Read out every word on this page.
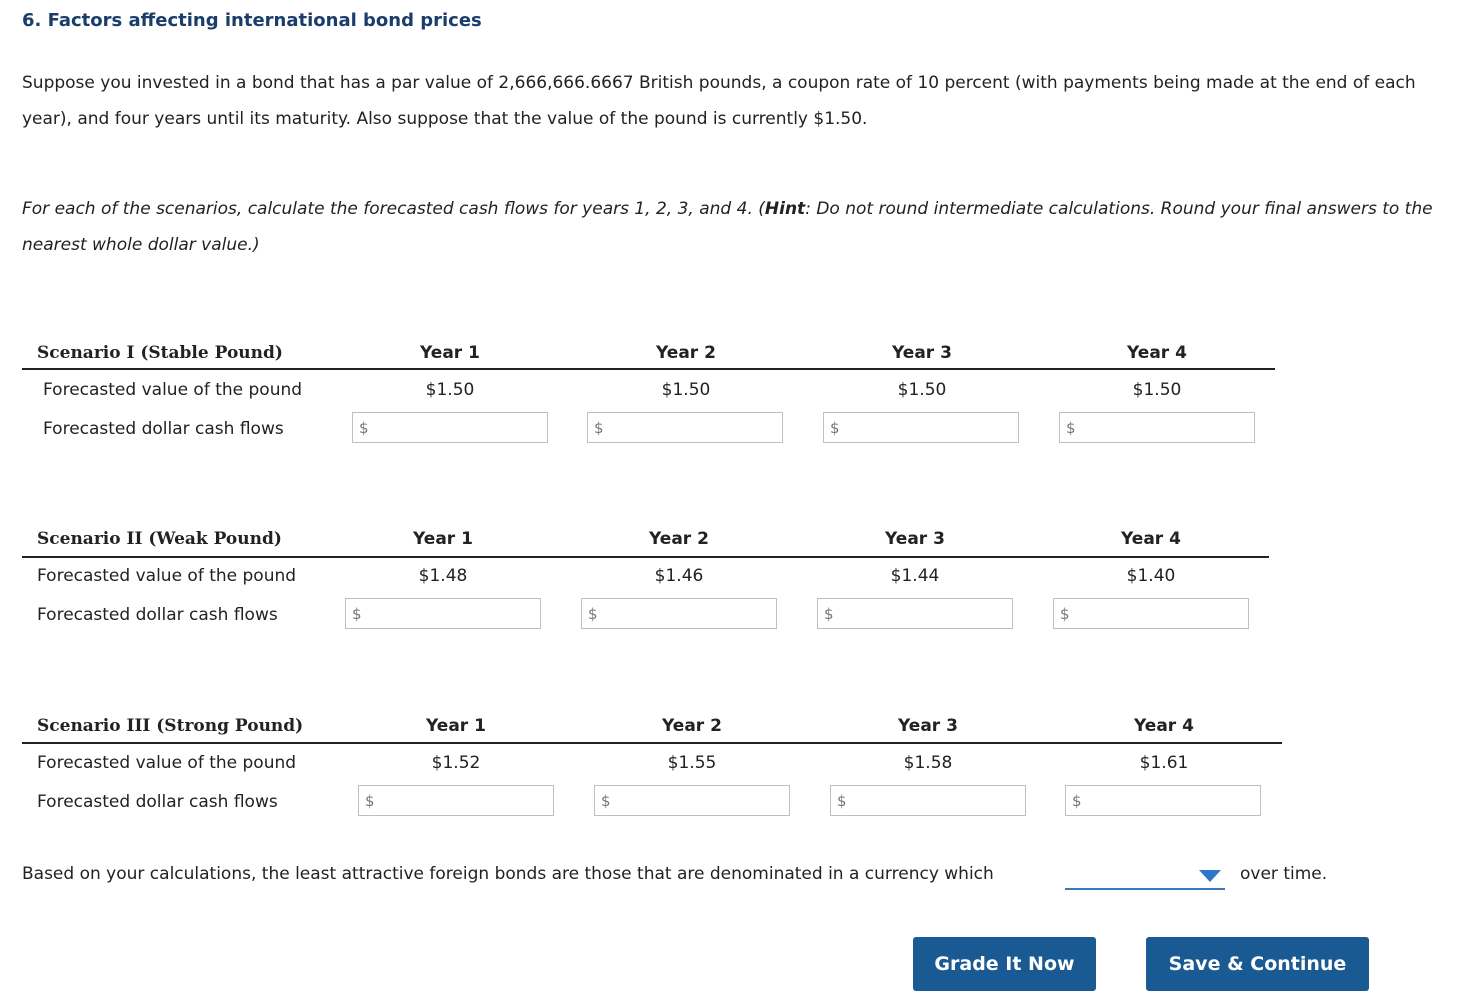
6. Factors affecting international bond prices
Suppose you invested in a bond that has a par value of 2,666,666.6667 British pounds, a coupon rate of 10 percent (with payments being made at the end of each year), and four years until its maturity. Also suppose that the value of the pound is currently $1.50.
For each of the scenarios, calculate the forecasted cash flows for years 1, 2, 3, and 4. (Hint: Do not round intermediate calculations. Round your final answers to the nearest whole dollar value.)
Scenario I (Stable Pound)	Year 1	Year 2	Year 3	Year 4
Forecasted value of the pound	$1.50	$1.50	$1.50	$1.50
Forecasted dollar cash flows	$	$	$	$
Scenario II (Weak Pound)	Year 1	Year 2	Year 3	Year 4
Forecasted value of the pound	$1.48	$1.46	$1.44	$1.40
Forecasted dollar cash flows	$	$	$	$
Scenario III (Strong Pound)	Year 1	Year 2	Year 3	Year 4
Forecasted value of the pound	$1.52	$1.55	$1.58	$1.61
Forecasted dollar cash flows	$	$	$	$
Based on your calculations, the least attractive foreign bonds are those that are denominated in a currency which	over time.
Grade It Now	Save & Continue
